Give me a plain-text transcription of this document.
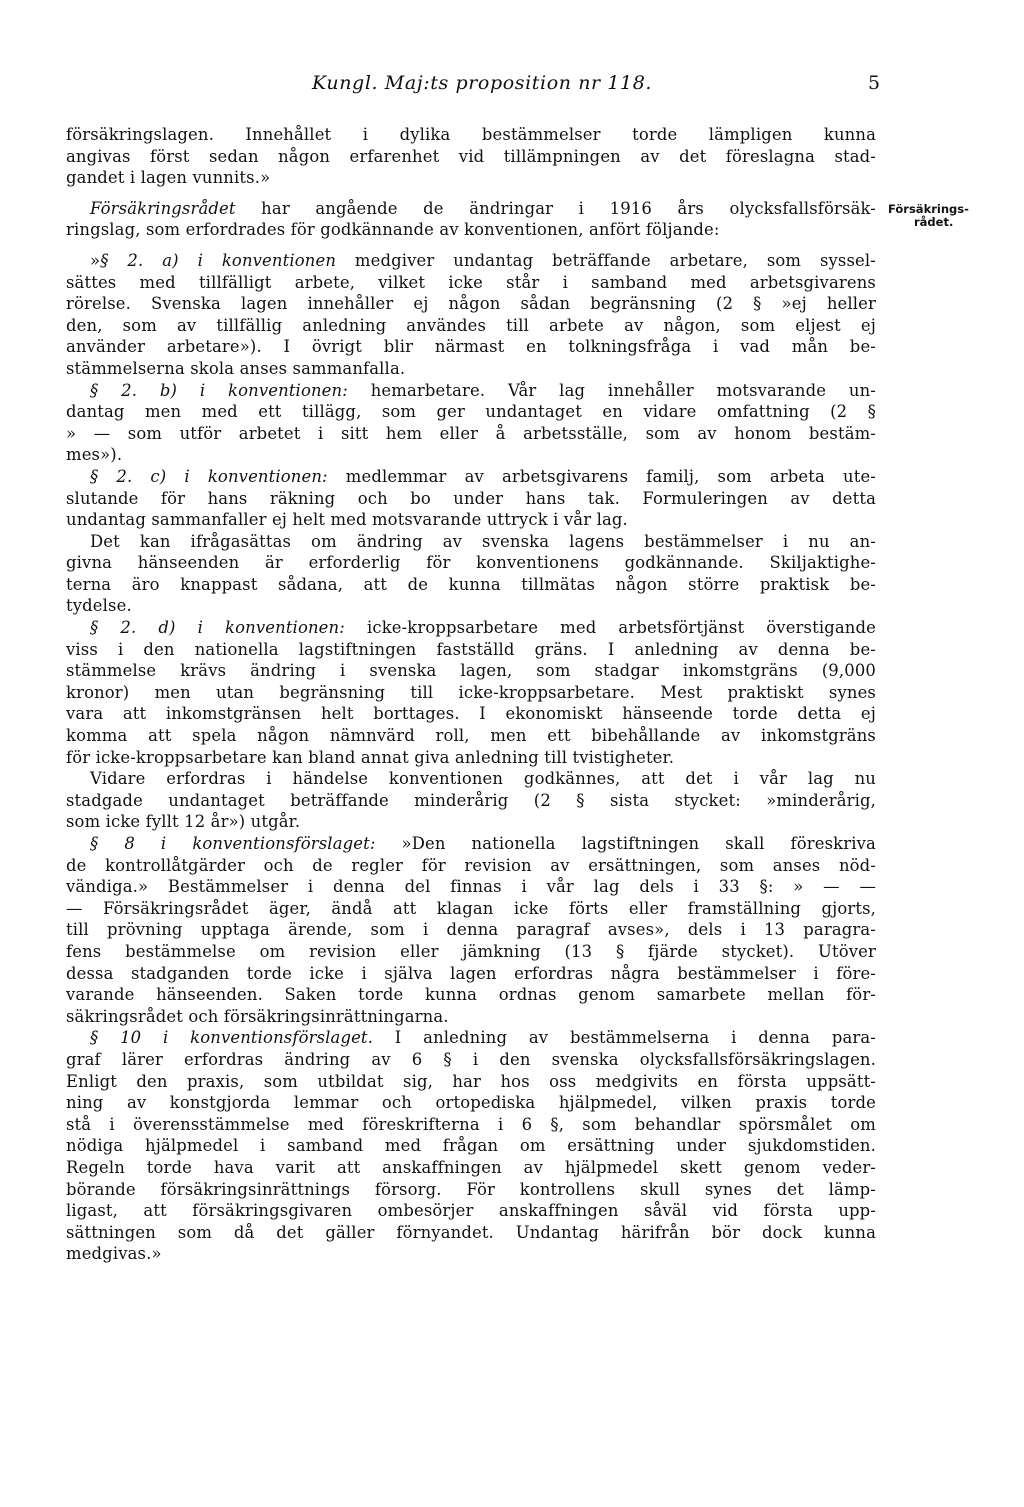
Kungl. Maj:ts proposition nr 118.	5
Försäkrings-
rådet.
försäkringslagen. Innehållet i dylika bestämmelser torde lämpligen kunna
angivas först sedan någon erfarenhet vid tillämpningen av det föreslagna stad-
gandet i lagen vunnits.»
Försäkringsrådet har angående de ändringar i 1916 års olycksfallsförsäk-
ringslag, som erfordrades för godkännande av konventionen, anfört följande:
»§ 2. a) i konventionen medgiver undantag beträffande arbetare, som syssel-
sättes med tillfälligt arbete, vilket icke står i samband med arbetsgivarens
rörelse. Svenska lagen innehåller ej någon sådan begränsning (2 § »ej heller
den, som av tillfällig anledning användes till arbete av någon, som eljest ej
använder arbetare»). I övrigt blir närmast en tolkningsfråga i vad mån be-
stämmelserna skola anses sammanfalla.
§ 2. b) i konventionen: hemarbetare. Vår lag innehåller motsvarande un-
dantag men med ett tillägg, som ger undantaget en vidare omfattning (2 §
» — som utför arbetet i sitt hem eller å arbetsställe, som av honom bestäm-
mes»).
§ 2. c) i konventionen: medlemmar av arbetsgivarens familj, som arbeta ute-
slutande för hans räkning och bo under hans tak. Formuleringen av detta
undantag sammanfaller ej helt med motsvarande uttryck i vår lag.
Det kan ifrågasättas om ändring av svenska lagens bestämmelser i nu an-
givna hänseenden är erforderlig för konventionens godkännande. Skiljaktighe-
terna äro knappast sådana, att de kunna tillmätas någon större praktisk be-
tydelse.
§ 2. d) i konventionen: icke-kroppsarbetare med arbetsförtjänst överstigande
viss i den nationella lagstiftningen fastställd gräns. I anledning av denna be-
stämmelse krävs ändring i svenska lagen, som stadgar inkomstgräns (9,000
kronor) men utan begränsning till icke-kroppsarbetare. Mest praktiskt synes
vara att inkomstgränsen helt borttages. I ekonomiskt hänseende torde detta ej
komma att spela någon nämnvärd roll, men ett bibehållande av inkomstgräns
för icke-kroppsarbetare kan bland annat giva anledning till tvistigheter.
Vidare erfordras i händelse konventionen godkännes, att det i vår lag nu
stadgade undantaget beträffande minderårig (2 § sista stycket: »minderårig,
som icke fyllt 12 år») utgår.
§ 8 i konventionsförslaget: »Den nationella lagstiftningen skall föreskriva
de kontrollåtgärder och de regler för revision av ersättningen, som anses nöd-
vändiga.» Bestämmelser i denna del finnas i vår lag dels i 33 §: » — —
— Försäkringsrådet äger, ändå att klagan icke förts eller framställning gjorts,
till prövning upptaga ärende, som i denna paragraf avses», dels i 13 paragra-
fens bestämmelse om revision eller jämkning (13 § fjärde stycket). Utöver
dessa stadganden torde icke i själva lagen erfordras några bestämmelser i före-
varande hänseenden. Saken torde kunna ordnas genom samarbete mellan för-
säkringsrådet och försäkringsinrättningarna.
§ 10 i konventionsförslaget. I anledning av bestämmelserna i denna para-
graf lärer erfordras ändring av 6 § i den svenska olycksfallsförsäkringslagen.
Enligt den praxis, som utbildat sig, har hos oss medgivits en första uppsätt-
ning av konstgjorda lemmar och ortopediska hjälpmedel, vilken praxis torde
stå i överensstämmelse med föreskrifterna i 6 §, som behandlar spörsmålet om
nödiga hjälpmedel i samband med frågan om ersättning under sjukdomstiden.
Regeln torde hava varit att anskaffningen av hjälpmedel skett genom veder-
börande försäkringsinrättnings försorg. För kontrollens skull synes det lämp-
ligast, att försäkringsgivaren ombesörjer anskaffningen såväl vid första upp-
sättningen som då det gäller förnyandet. Undantag härifrån bör dock kunna
medgivas.»
